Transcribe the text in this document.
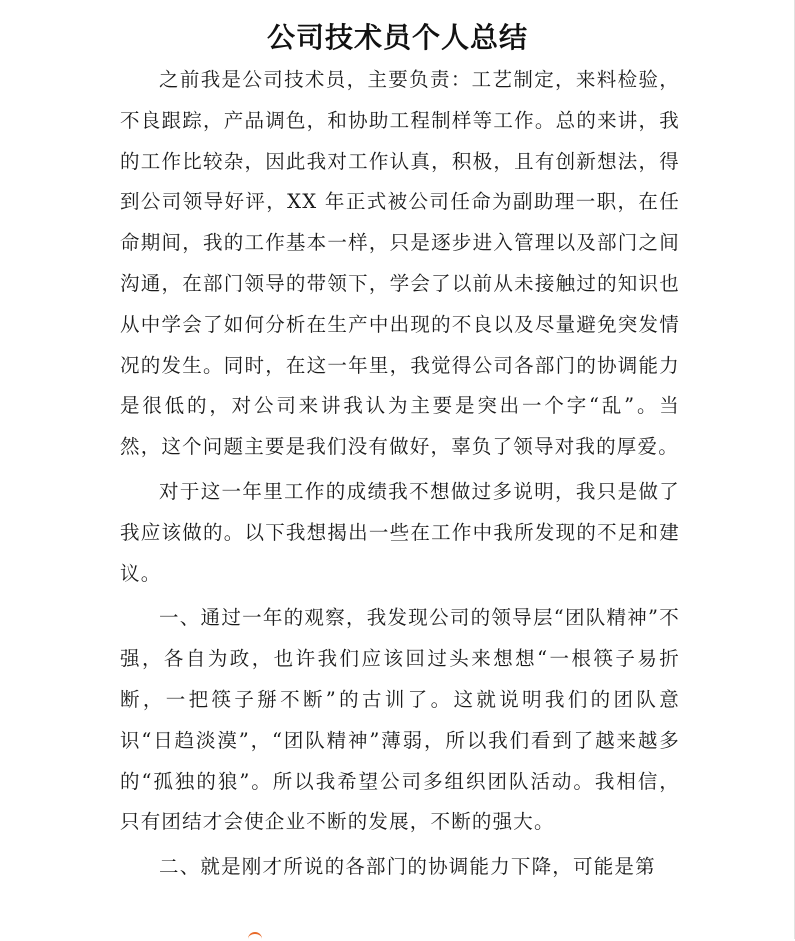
公司技术员个人总结

之前我是公司技术员，主要负责：工艺制定，来料检验，不良跟踪，产品调色，和协助工程制样等工作。总的来讲，我的工作比较杂，因此我对工作认真，积极，且有创新想法，得到公司领导好评，XX 年正式被公司任命为副助理一职，在任命期间，我的工作基本一样，只是逐步进入管理以及部门之间沟通，在部门领导的带领下，学会了以前从未接触过的知识也从中学会了如何分析在生产中出现的不良以及尽量避免突发情况的发生。同时，在这一年里，我觉得公司各部门的协调能力是很低的，对公司来讲我认为主要是突出一个字“乱”。当然，这个问题主要是我们没有做好，辜负了领导对我的厚爱。

对于这一年里工作的成绩我不想做过多说明，我只是做了我应该做的。以下我想揭出一些在工作中我所发现的不足和建议。

一、通过一年的观察，我发现公司的领导层“团队精神”不强，各自为政，也许我们应该回过头来想想“一根筷子易折断，一把筷子掰不断”的古训了。这就说明我们的团队意识“日趋淡漠”，“团队精神”薄弱，所以我们看到了越来越多的“孤独的狼”。所以我希望公司多组织团队活动。我相信，只有团结才会使企业不断的发展，不断的强大。

二、就是刚才所说的各部门的协调能力下降，可能是第
